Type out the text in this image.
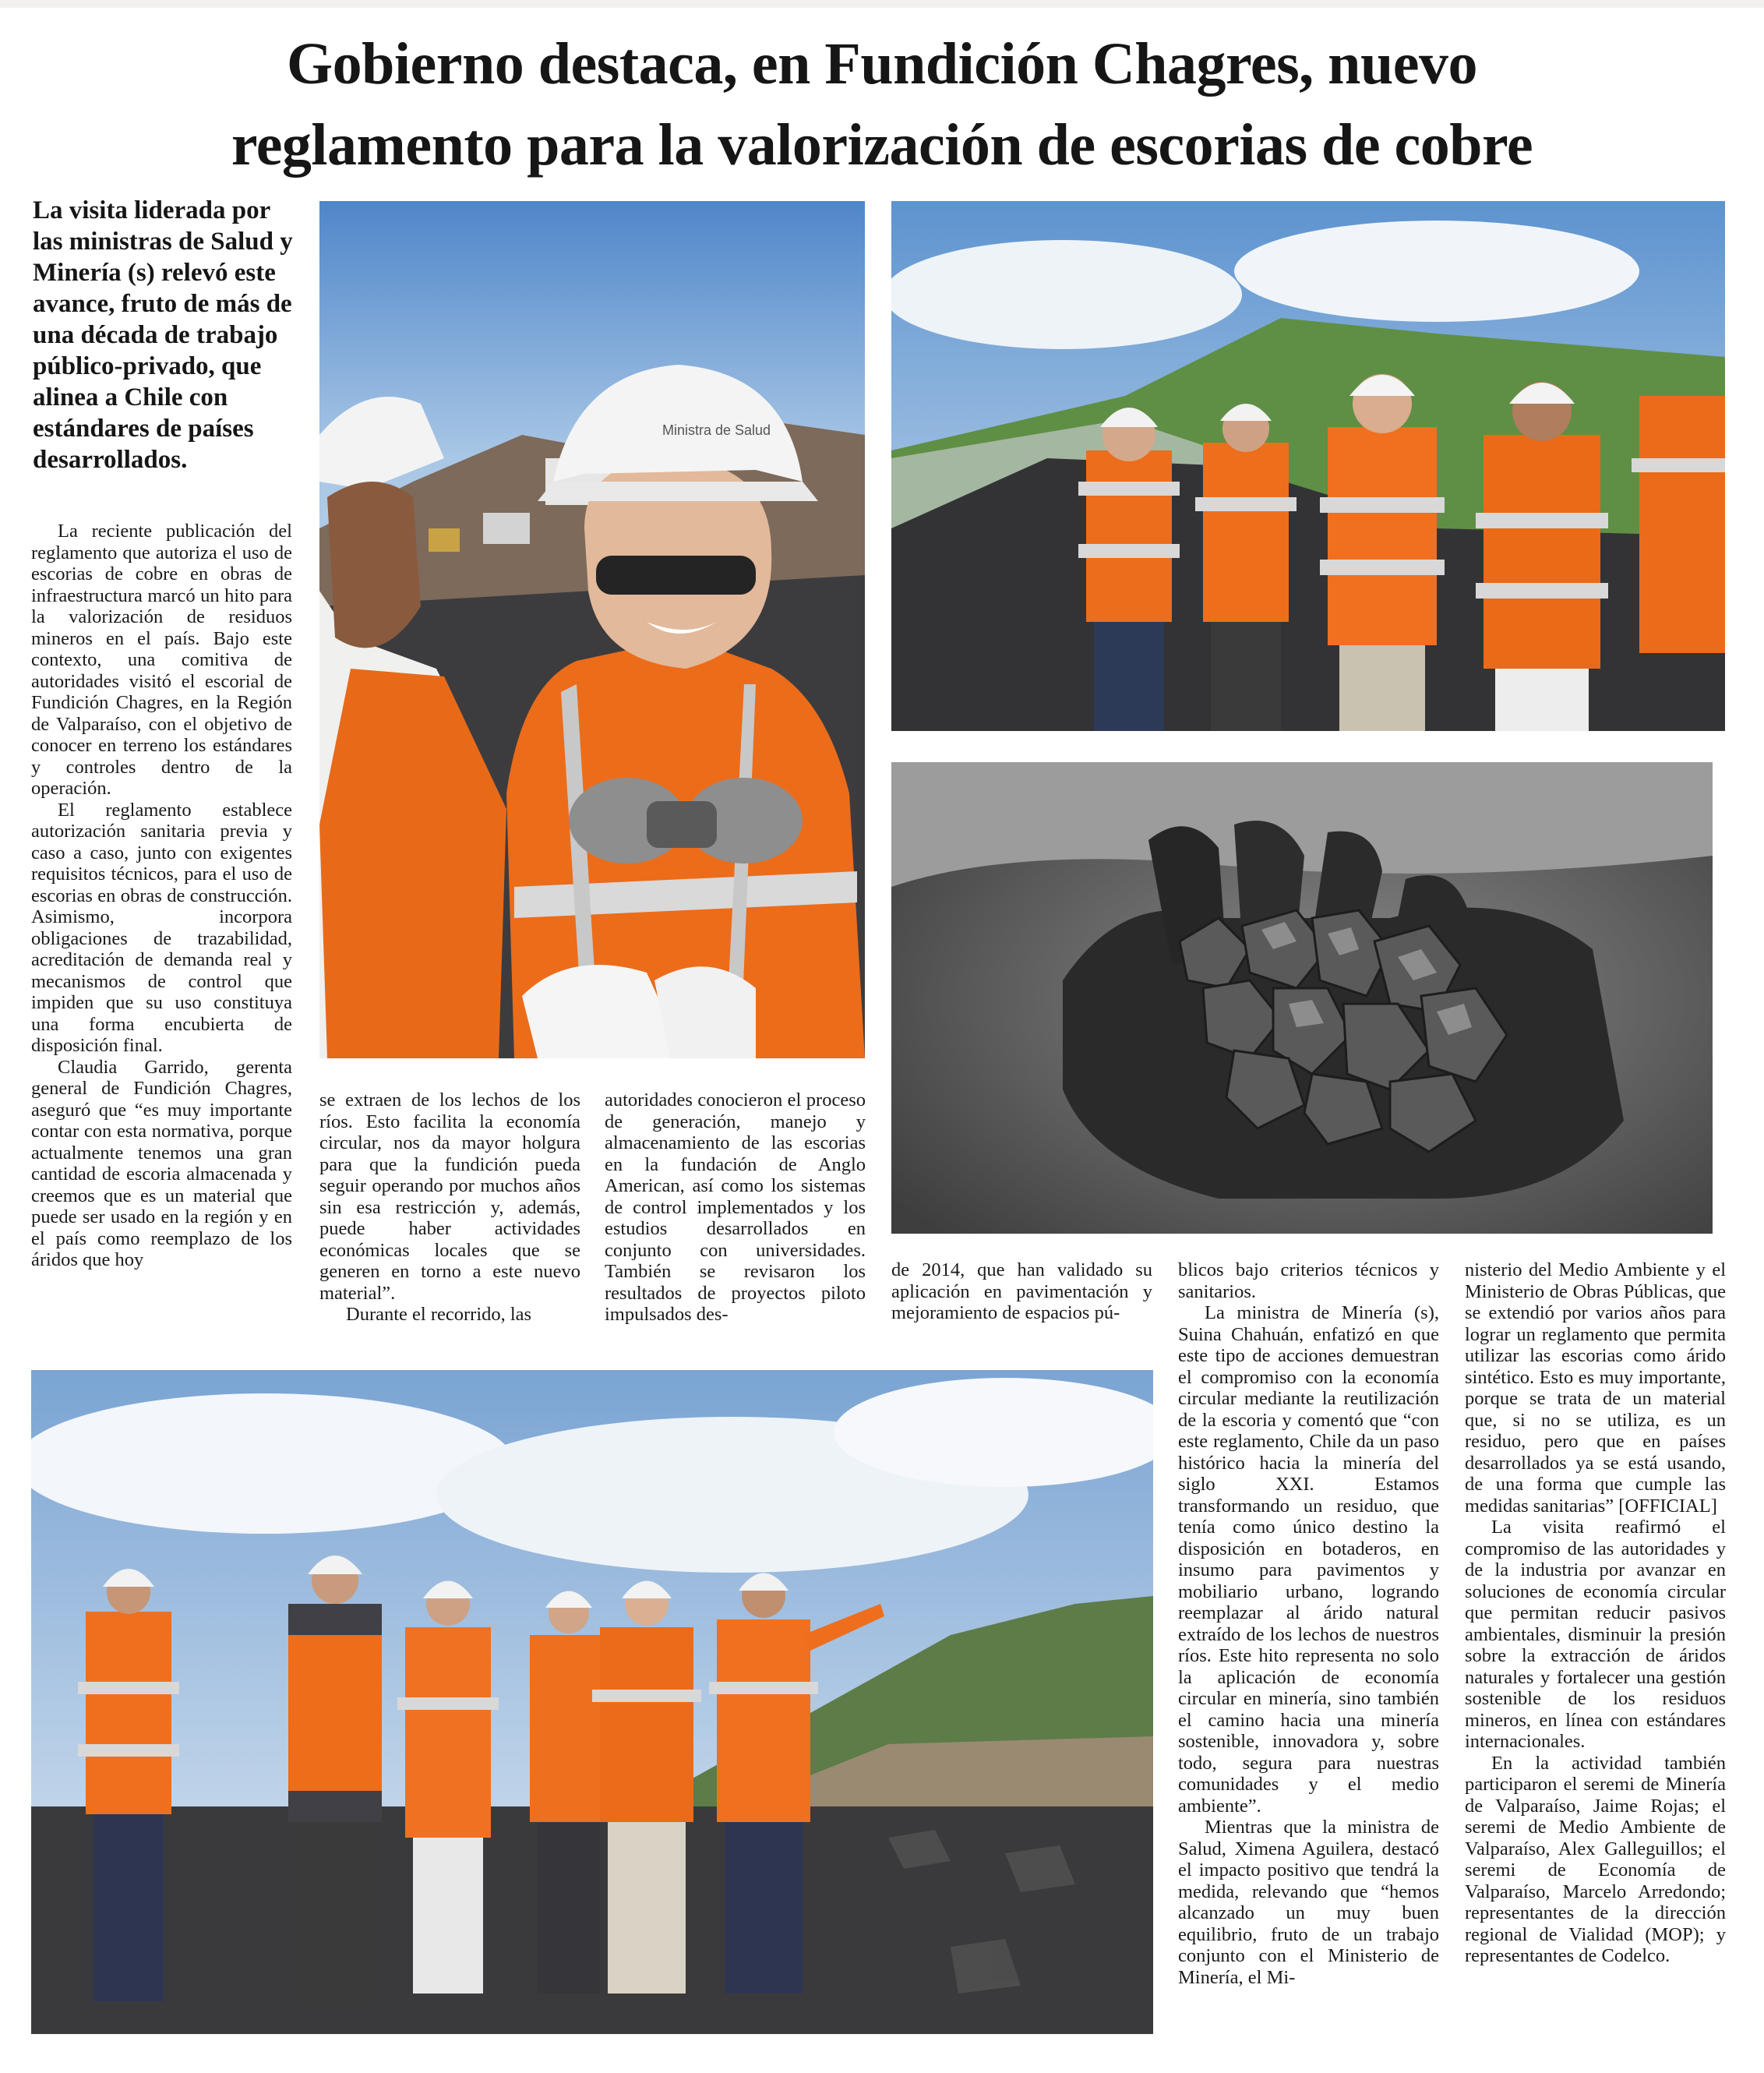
Gobierno destaca, en Fundición Chagres, nuevo
reglamento para la valorización de escorias de cobre
La visita liderada por las ministras de Salud y Minería (s) relevó este avance, fruto de más de una década de trabajo público-privado, que alinea a Chile con estándares de países desarrollados.
Ministra de Salud

La reciente publicación del reglamento que autoriza el uso de escorias de cobre en obras de infraestructura marcó un hito para la valorización de residuos mineros en el país. Bajo este contexto, una comitiva de autoridades visitó el escorial de Fundición Chagres, en la Región de Valparaíso, con el objetivo de conocer en terreno los estándares y controles dentro de la operación.

El reglamento establece autorización sanitaria previa y caso a caso, junto con exigentes requisitos técnicos, para el uso de escorias en obras de construcción. Asimismo, incorpora obligaciones de trazabilidad, acreditación de demanda real y mecanismos de control que impiden que su uso constituya una forma encubierta de disposición final.

Claudia Garrido, gerenta general de Fundición Chagres, aseguró que “es muy importante contar con esta normativa, porque actualmente tenemos una gran cantidad de escoria almacenada y creemos que es un material que puede ser usado en la región y en el país como reemplazo de los áridos que hoy

se extraen de los lechos de los ríos. Esto facilita la economía circular, nos da mayor holgura para que la fundición pueda seguir operando por muchos años sin esa restricción y, además, puede haber actividades económicas locales que se generen en torno a este nuevo material”.

Durante el recorrido, las

autoridades conocieron el proceso de generación, manejo y almacenamiento de las escorias en la fundación de Anglo American, así como los sistemas de control implementados y los estudios desarrollados en conjunto con universidades. También se revisaron los resultados de proyectos piloto impulsados des-

de 2014, que han validado su aplicación en pavimentación y mejoramiento de espacios pú-

blicos bajo criterios técnicos y sanitarios.

La ministra de Minería (s), Suina Chahuán, enfatizó en que este tipo de acciones demuestran el compromiso con la economía circular mediante la reutilización de la escoria y comentó que “con este reglamento, Chile da un paso histórico hacia la minería del siglo XXI. Estamos transformando un residuo, que tenía como único destino la disposición en botaderos, en insumo para pavimentos y mobiliario urbano, logrando reemplazar al árido natural extraído de los lechos de nuestros ríos. Este hito representa no solo la aplicación de economía circular en minería, sino también el camino hacia una minería sostenible, innovadora y, sobre todo, segura para nuestras comunidades y el medio ambiente”.

Mientras que la ministra de Salud, Ximena Aguilera, destacó el impacto positivo que tendrá la medida, relevando que “hemos alcanzado un muy buen equilibrio, fruto de un trabajo conjunto con el Ministerio de Minería, el Mi-

nisterio del Medio Ambiente y el Ministerio de Obras Públicas, que se extendió por varios años para lograr un reglamento que permita utilizar las escorias como árido sintético. Esto es muy importante, porque se trata de un material que, si no se utiliza, es un residuo, pero que en países desarrollados ya se está usando, de una forma que cumple las medidas sanitarias” [OFFICIAL]

La visita reafirmó el compromiso de las autoridades y de la industria por avanzar en soluciones de economía circular que permitan reducir pasivos ambientales, disminuir la presión sobre la extracción de áridos naturales y fortalecer una gestión sostenible de los residuos mineros, en línea con estándares internacionales.

En la actividad también participaron el seremi de Minería de Valparaíso, Jaime Rojas; el seremi de Medio Ambiente de Valparaíso, Alex Galleguillos; el seremi de Economía de Valparaíso, Marcelo Arredondo; representantes de la dirección regional de Vialidad (MOP); y representantes de Codelco.
